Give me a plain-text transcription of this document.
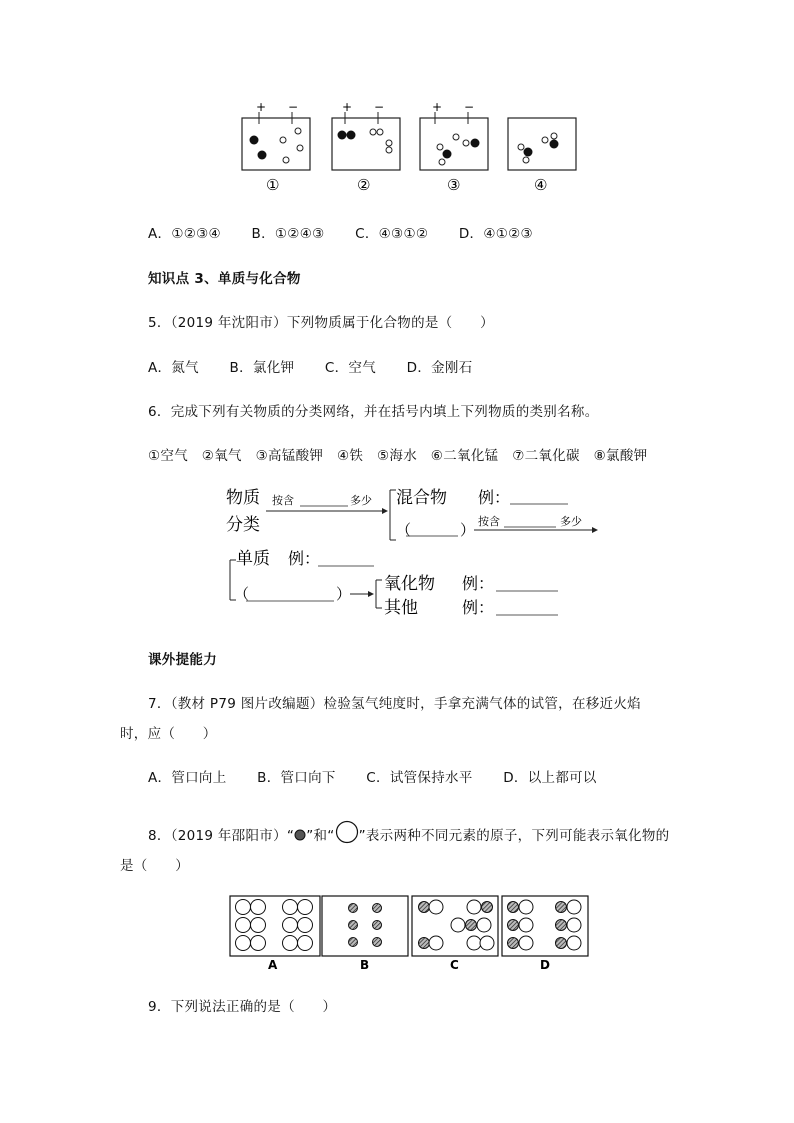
+ −
①
+ −
②
+ −
③	④
A．①②③④ B．①②④③ C．④③①② D．④①②③
知识点 3、单质与化合物
5．（2019 年沈阳市）下列物质属于化合物的是（　　）
A．氮气 B．氯化钾 C．空气 D．金刚石
6．完成下列有关物质的分类网络，并在括号内填上下列物质的类别名称。
①空气　②氧气　③高锰酸钾　④铁　⑤海水　⑥二氧化锰　⑦二氧化碳　⑧氯酸钾
物质
分类
按含	多少 混合物 例：
（	） 按含	多少
单质 例：
（	） 氧化物 例：
其他	例：
课外提能力
7．（教材 P79 图片改编题）检验氢气纯度时，手拿充满气体的试管，在移近火焰
时，应（　　）
A．管口向上 B．管口向下 C．试管保持水平 D．以上都可以
8．（2019 年邵阳市）“ ”和“ ”表示两种不同元素的原子，下列可能表示氧化物的
是（　　）
A	B	C	D
9．下列说法正确的是（　　）
